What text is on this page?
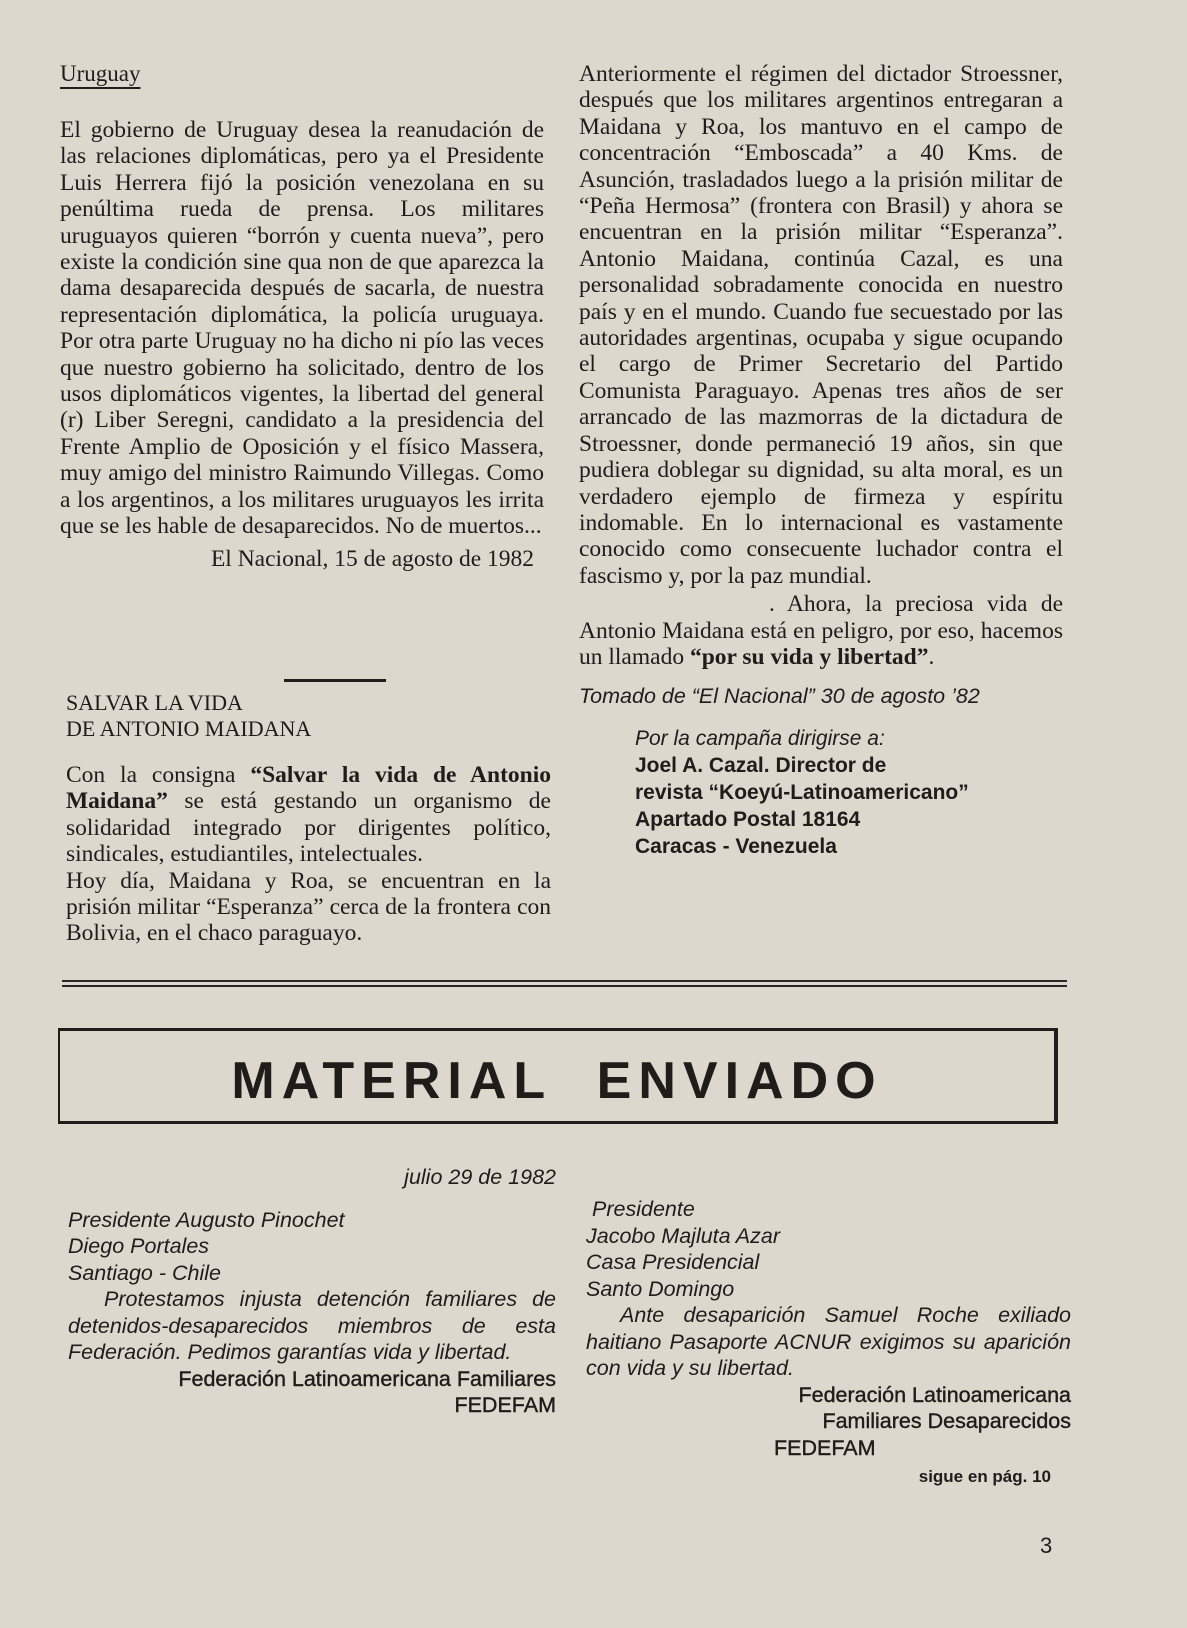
Uruguay

El gobierno de Uruguay desea la reanudación de las relaciones diplomáticas, pero ya el Presidente Luis Herrera fijó la posición venezolana en su penúltima rueda de prensa. Los militares uruguayos quieren “borrón y cuenta nueva”, pero existe la condición sine qua non de que aparezca la dama desaparecida después de sacarla, de nuestra representación diplomática, la policía uruguaya. Por otra parte Uruguay no ha dicho ni pío las veces que nuestro gobierno ha solicitado, dentro de los usos diplomáticos vigentes, la libertad del general (r) Liber Seregni, candidato a la presidencia del Frente Amplio de Oposición y el físico Massera, muy amigo del ministro Raimundo Villegas. Como a los argentinos, a los militares uruguayos les irrita que se les hable de desaparecidos. No de muertos...

El Nacional, 15 de agosto de 1982
SALVAR LA VIDA
DE ANTONIO MAIDANA

Con la consigna “Salvar la vida de Antonio Maidana” se está gestando un organismo de solidaridad integrado por dirigentes político, sindicales, estudiantiles, intelectuales.

Hoy día, Maidana y Roa, se encuentran en la prisión militar “Esperanza” cerca de la frontera con Bolivia, en el chaco paraguayo.

Anteriormente el régimen del dictador Stroessner, después que los militares argentinos entregaran a Maidana y Roa, los mantuvo en el campo de concentración “Emboscada” a 40 Kms. de Asunción, trasladados luego a la prisión militar de “Peña Hermosa” (frontera con Brasil) y ahora se encuentran en la prisión militar “Esperanza”. Antonio Maidana, continúa Cazal, es una personalidad sobradamente conocida en nuestro país y en el mundo. Cuando fue secuestado por las autoridades argentinas, ocupaba y sigue ocupando el cargo de Primer Secretario del Partido Comunista Paraguayo. Apenas tres años de ser arrancado de las mazmorras de la dictadura de Stroessner, donde permaneció 19 años, sin que pudiera doblegar su dignidad, su alta moral, es un verdadero ejemplo de firmeza y espíritu indomable. En lo internacional es vastamente conocido como consecuente luchador contra el fascismo y, por la paz mundial.

. Ahora, la preciosa vida de Antonio Maidana está en peligro, por eso, hacemos un llamado “por su vida y libertad”.

Tomado de “El Nacional” 30 de agosto ’82
Por la campaña dirigirse a:
Joel A. Cazal. Director de
revista “Koeyú-Latinoamericano”
Apartado Postal 18164
Caracas - Venezuela
MATERIAL ENVIADO
julio 29 de 1982
Presidente Augusto Pinochet
Diego Portales
Santiago - Chile

Protestamos injusta detención familiares de detenidos-desaparecidos miembros de esta Federación. Pedimos garantías vida y libertad.

Federación Latinoamericana Familiares
FEDEFAM
Presidente
Jacobo Majluta Azar
Casa Presidencial
Santo Domingo

Ante desaparición Samuel Roche exiliado haitiano Pasaporte ACNUR exigimos su aparición con vida y su libertad.

Federación Latinoamericana
Familiares Desaparecidos
FEDEFAM
sigue en pág. 10
3
